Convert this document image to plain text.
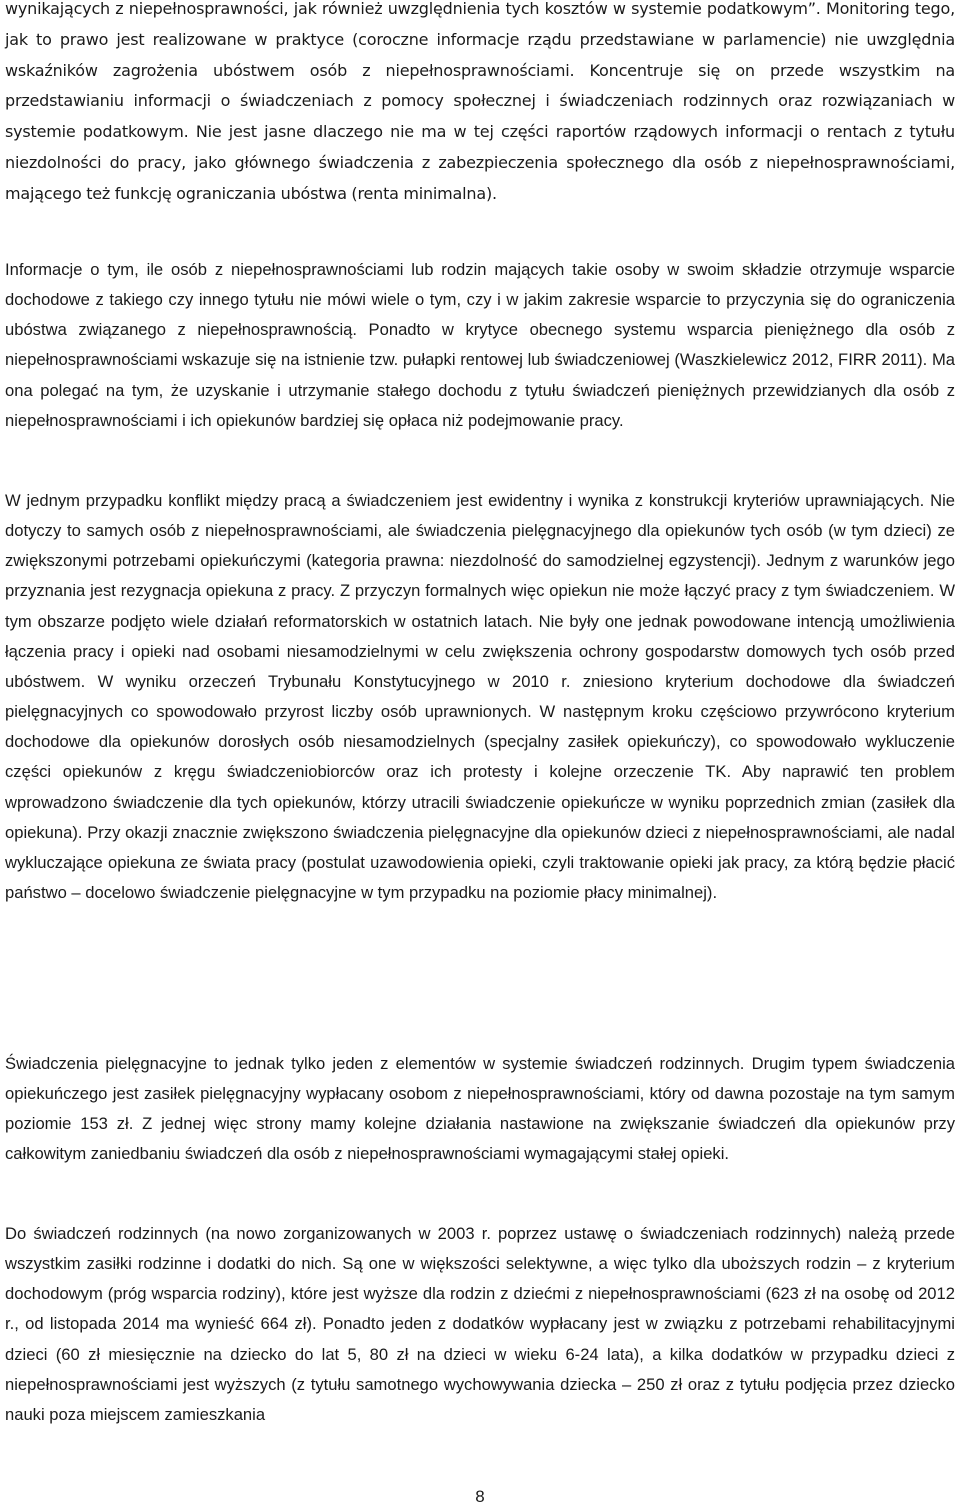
wynikających z niepełnosprawności, jak również uwzględnienia tych kosztów w systemie podatkowym”. Monitoring tego, jak to prawo jest realizowane w praktyce (coroczne informacje rządu przedstawiane w parlamencie) nie uwzględnia wskaźników zagrożenia ubóstwem osób z niepełnosprawnościami. Koncentruje się on przede wszystkim na przedstawianiu informacji o świadczeniach z pomocy społecznej i świadczeniach rodzinnych oraz rozwiązaniach w systemie podatkowym. Nie jest jasne dlaczego nie ma w tej części raportów rządowych informacji o rentach z tytułu niezdolności do pracy, jako głównego świadczenia z zabezpieczenia społecznego dla osób z niepełnosprawnościami, mającego też funkcję ograniczania ubóstwa (renta minimalna).

Informacje o tym, ile osób z niepełnosprawnościami lub rodzin mających takie osoby w swoim składzie otrzymuje wsparcie dochodowe z takiego czy innego tytułu nie mówi wiele o tym, czy i w jakim zakresie wsparcie to przyczynia się do ograniczenia ubóstwa związanego z niepełnosprawnością. Ponadto w krytyce obecnego systemu wsparcia pieniężnego dla osób z niepełnosprawnościami wskazuje się na istnienie tzw. pułapki rentowej lub świadczeniowej (Waszkielewicz 2012, FIRR 2011). Ma ona polegać na tym, że uzyskanie i utrzymanie stałego dochodu z tytułu świadczeń pieniężnych przewidzianych dla osób z niepełnosprawnościami i ich opiekunów bardziej się opłaca niż podejmowanie pracy.

W jednym przypadku konflikt między pracą a świadczeniem jest ewidentny i wynika z konstrukcji kryteriów uprawniających. Nie dotyczy to samych osób z niepełnosprawnościami, ale świadczenia pielęgnacyjnego dla opiekunów tych osób (w tym dzieci) ze zwiększonymi potrzebami opiekuńczymi (kategoria prawna: niezdolność do samodzielnej egzystencji). Jednym z warunków jego przyznania jest rezygnacja opiekuna z pracy. Z przyczyn formalnych więc opiekun nie może łączyć pracy z tym świadczeniem. W tym obszarze podjęto wiele działań reformatorskich w ostatnich latach. Nie były one jednak powodowane intencją umożliwienia łączenia pracy i opieki nad osobami niesamodzielnymi w celu zwiększenia ochrony gospodarstw domowych tych osób przed ubóstwem. W wyniku orzeczeń Trybunału Konstytucyjnego w 2010 r. zniesiono kryterium dochodowe dla świadczeń pielęgnacyjnych co spowodowało przyrost liczby osób uprawnionych. W następnym kroku częściowo przywrócono kryterium dochodowe dla opiekunów dorosłych osób niesamodzielnych (specjalny zasiłek opiekuńczy), co spowodowało wykluczenie części opiekunów z kręgu świadczeniobiorców oraz ich protesty i kolejne orzeczenie TK. Aby naprawić ten problem wprowadzono świadczenie dla tych opiekunów, którzy utracili świadczenie opiekuńcze w wyniku poprzednich zmian (zasiłek dla opiekuna). Przy okazji znacznie zwiększono świadczenia pielęgnacyjne dla opiekunów dzieci z niepełnosprawnościami, ale nadal wykluczające opiekuna ze świata pracy (postulat uzawodowienia opieki, czyli traktowanie opieki jak pracy, za którą będzie płacić państwo – docelowo świadczenie pielęgnacyjne w tym przypadku na poziomie płacy minimalnej).

Świadczenia pielęgnacyjne to jednak tylko jeden z elementów w systemie świadczeń rodzinnych. Drugim typem świadczenia opiekuńczego jest zasiłek pielęgnacyjny wypłacany osobom z niepełnosprawnościami, który od dawna pozostaje na tym samym poziomie 153 zł. Z jednej więc strony mamy kolejne działania nastawione na zwiększanie świadczeń dla opiekunów przy całkowitym zaniedbaniu świadczeń dla osób z niepełnosprawnościami wymagającymi stałej opieki.

Do świadczeń rodzinnych (na nowo zorganizowanych w 2003 r. poprzez ustawę o świadczeniach rodzinnych) należą przede wszystkim zasiłki rodzinne i dodatki do nich. Są one w większości selektywne, a więc tylko dla uboższych rodzin – z kryterium dochodowym (próg wsparcia rodziny), które jest wyższe dla rodzin z dziećmi z niepełnosprawnościami (623 zł na osobę od 2012 r., od listopada 2014 ma wynieść 664 zł). Ponadto jeden z dodatków wypłacany jest w związku z potrzebami rehabilitacyjnymi dzieci (60 zł miesięcznie na dziecko do lat 5, 80 zł na dzieci w wieku 6-24 lata), a kilka dodatków w przypadku dzieci z niepełnosprawnościami jest wyższych (z tytułu samotnego wychowywania dziecka – 250 zł oraz z tytułu podjęcia przez dziecko nauki poza miejscem zamieszkania

8
